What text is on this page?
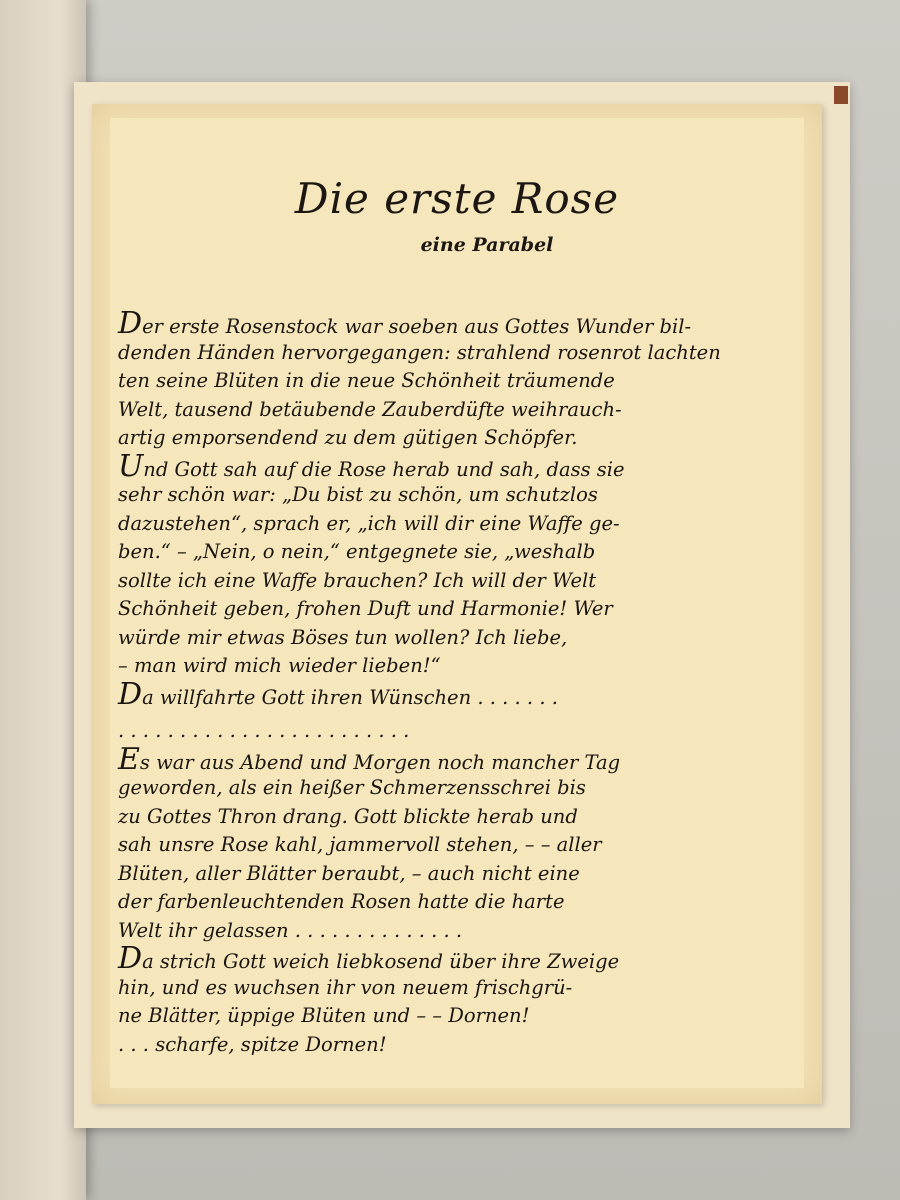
Die erste Rose
eine Parabel
Der erste Rosenstock war soeben aus Gottes Wunder bil-
denden Händen hervorgegangen: strahlend rosenrot lachten
ten seine Blüten in die neue Schönheit träumende
Welt, tausend betäubende Zauberdüfte weihrauch-
artig emporsendend zu dem gütigen Schöpfer.
Und Gott sah auf die Rose herab und sah, dass sie
sehr schön war: „Du bist zu schön, um schutzlos
dazustehen“, sprach er, „ich will dir eine Waffe ge-
ben.“ – „Nein, o nein,“ entgegnete sie, „weshalb
sollte ich eine Waffe brauchen? Ich will der Welt
Schönheit geben, frohen Duft und Harmonie! Wer
würde mir etwas Böses tun wollen? Ich liebe,
– man wird mich wieder lieben!“
Da willfahrte Gott ihren Wünschen . . . . . . .
. . . . . . . . . . . . . . . . . . . . . . . .
Es war aus Abend und Morgen noch mancher Tag
geworden, als ein heißer Schmerzensschrei bis
zu Gottes Thron drang. Gott blickte herab und
sah unsre Rose kahl, jammervoll stehen, – – aller
Blüten, aller Blätter beraubt, – auch nicht eine
der farbenleuchtenden Rosen hatte die harte
Welt ihr gelassen . . . . . . . . . . . . . .
Da strich Gott weich liebkosend über ihre Zweige
hin, und es wuchsen ihr von neuem frischgrü-
ne Blätter, üppige Blüten und – – Dornen!
. . . scharfe, spitze Dornen!
